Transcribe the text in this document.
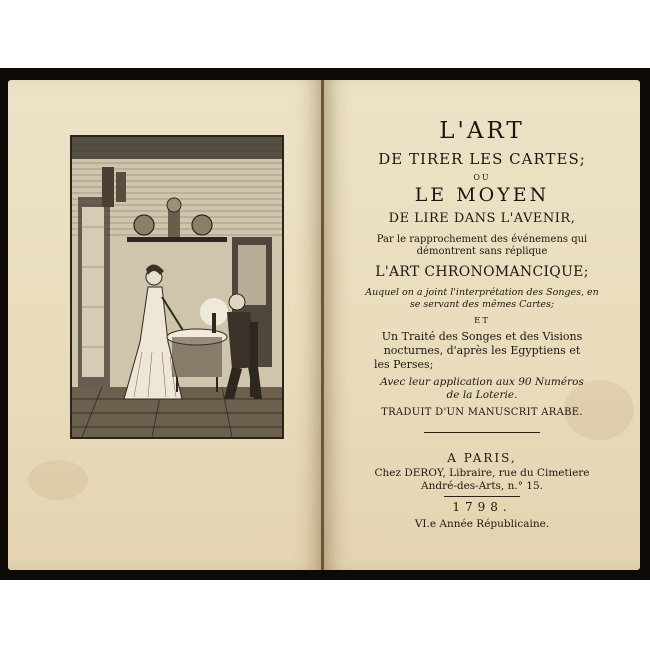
L'ART
DE TIRER LES CARTES;
OU
LE MOYEN
DE LIRE DANS L'AVENIR,
Par le rapprochement des événemens qui
démontrent sans réplique
L'ART CHRONOMANCIQUE;
Auquel on a joint l'interprétation des Songes, en
se servant des mêmes Cartes;
ET
Un Traité des Songes et des Visions
nocturnes, d'après les Egyptiens et
les Perses;
Avec leur application aux 90 Numéros
de la Loterie.
TRADUIT D'UN MANUSCRIT ARABE.
A PARIS,
Chez DEROY, Libraire, rue du Cimetiere
André-des-Arts, n.° 15.
1798.
VI.e Année Républicaine.
